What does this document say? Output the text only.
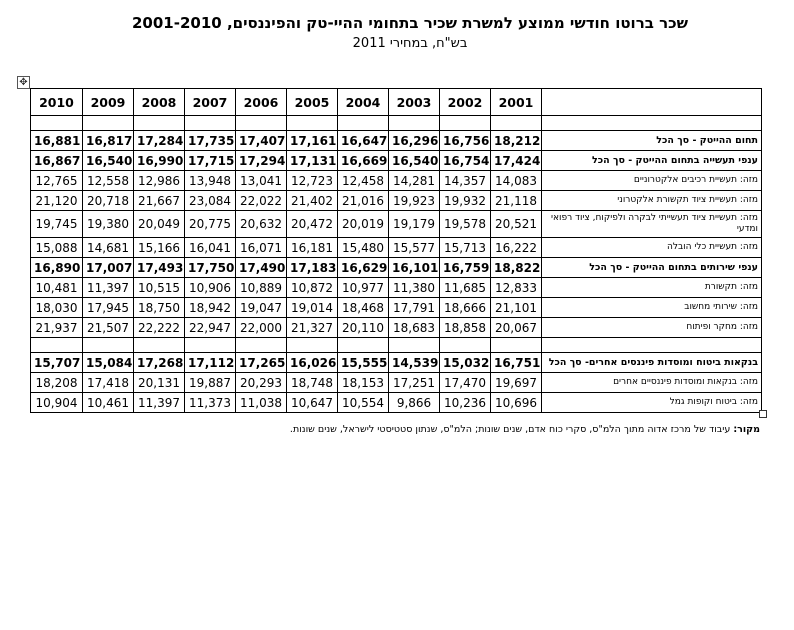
שכר ברוטו חודשי ממוצע למשרת שכיר בתחומי ההיי-טק והפיננסים, 2001-2010
בש"ח, במחירי 2011
✥
2010	2009	2008	2007	2006	2005	2004	2003	2002	2001	

16,881	16,817	17,284	17,735	17,407	17,161	16,647	16,296	16,756	18,212	תחום ההייטק - סך הכל
16,867	16,540	16,990	17,715	17,294	17,131	16,669	16,540	16,754	17,424	ענפי תעשייה בתחום ההייטק - סך הכל
12,765	12,558	12,986	13,948	13,041	12,723	12,458	14,281	14,357	14,083	מזה: תעשיית רכיבים אלקטרוניים
21,120	20,718	21,667	23,084	22,022	21,402	21,016	19,923	19,932	21,118	מזה: תעשיית ציוד תקשורת אלקטרוני
19,745	19,380	20,049	20,775	20,632	20,472	20,019	19,179	19,578	20,521	מזה: תעשיית ציוד תעשייתי לבקרה ולפיקוח, ציוד רפואי ומדעי
15,088	14,681	15,166	16,041	16,071	16,181	15,480	15,577	15,713	16,222	מזה: תעשיית כלי הובלה
16,890	17,007	17,493	17,750	17,490	17,183	16,629	16,101	16,759	18,822	ענפי שירותים בתחום ההייטק - סך הכל
10,481	11,397	10,515	10,906	10,889	10,872	10,977	11,380	11,685	12,833	מזה: תקשורת
18,030	17,945	18,750	18,942	19,047	19,014	18,468	17,791	18,666	21,101	מזה: שירותי מחשוב
21,937	21,507	22,222	22,947	22,000	21,327	20,110	18,683	18,858	20,067	מזה: מחקר ופיתוח

15,707	15,084	17,268	17,112	17,265	16,026	15,555	14,539	15,032	16,751	בנקאות ביטוח ומוסדות פיננסים אחרים- סך הכל
18,208	17,418	20,131	19,887	20,293	18,748	18,153	17,251	17,470	19,697	מזה: בנקאות ומוסדות פיננסיים אחרים
10,904	10,461	11,397	11,373	11,038	10,647	10,554	9,866	10,236	10,696	מזה: ביטוח וקופות גמל
מקור: עיבוד של מרכז אדוה מתוך הלמ"ס, סקרי כוח אדם, שנים שונות; הלמ"ס, שנתון סטטיסטי לישראל, שנים שונות.
